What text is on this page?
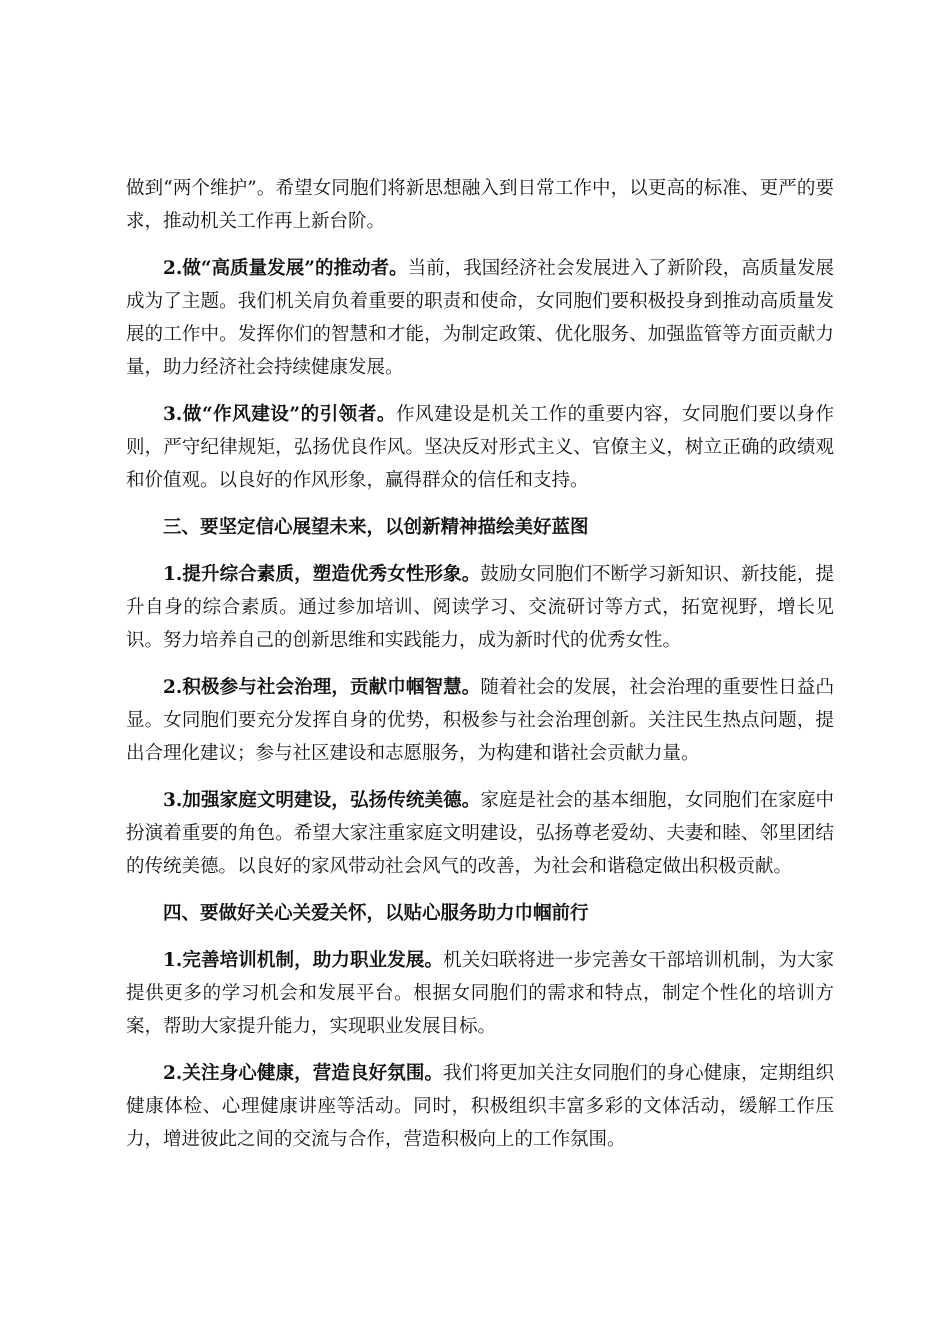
做到“两个维护”。希望女同胞们将新思想融入到日常工作中，以更高的标准、更严的要求，推动机关工作再上新台阶。

2.做“高质量发展”的推动者。当前，我国经济社会发展进入了新阶段，高质量发展成为了主题。我们机关肩负着重要的职责和使命，女同胞们要积极投身到推动高质量发展的工作中。发挥你们的智慧和才能，为制定政策、优化服务、加强监管等方面贡献力量，助力经济社会持续健康发展。

3.做“作风建设”的引领者。作风建设是机关工作的重要内容，女同胞们要以身作则，严守纪律规矩，弘扬优良作风。坚决反对形式主义、官僚主义，树立正确的政绩观和价值观。以良好的作风形象，赢得群众的信任和支持。

三、要坚定信心展望未来，以创新精神描绘美好蓝图

1.提升综合素质，塑造优秀女性形象。鼓励女同胞们不断学习新知识、新技能，提升自身的综合素质。通过参加培训、阅读学习、交流研讨等方式，拓宽视野，增长见识。努力培养自己的创新思维和实践能力，成为新时代的优秀女性。

2.积极参与社会治理，贡献巾帼智慧。随着社会的发展，社会治理的重要性日益凸显。女同胞们要充分发挥自身的优势，积极参与社会治理创新。关注民生热点问题，提出合理化建议；参与社区建设和志愿服务，为构建和谐社会贡献力量。

3.加强家庭文明建设，弘扬传统美德。家庭是社会的基本细胞，女同胞们在家庭中扮演着重要的角色。希望大家注重家庭文明建设，弘扬尊老爱幼、夫妻和睦、邻里团结的传统美德。以良好的家风带动社会风气的改善，为社会和谐稳定做出积极贡献。

四、要做好关心关爱关怀，以贴心服务助力巾帼前行

1.完善培训机制，助力职业发展。机关妇联将进一步完善女干部培训机制，为大家提供更多的学习机会和发展平台。根据女同胞们的需求和特点，制定个性化的培训方案，帮助大家提升能力，实现职业发展目标。

2.关注身心健康，营造良好氛围。我们将更加关注女同胞们的身心健康，定期组织健康体检、心理健康讲座等活动。同时，积极组织丰富多彩的文体活动，缓解工作压力，增进彼此之间的交流与合作，营造积极向上的工作氛围。
